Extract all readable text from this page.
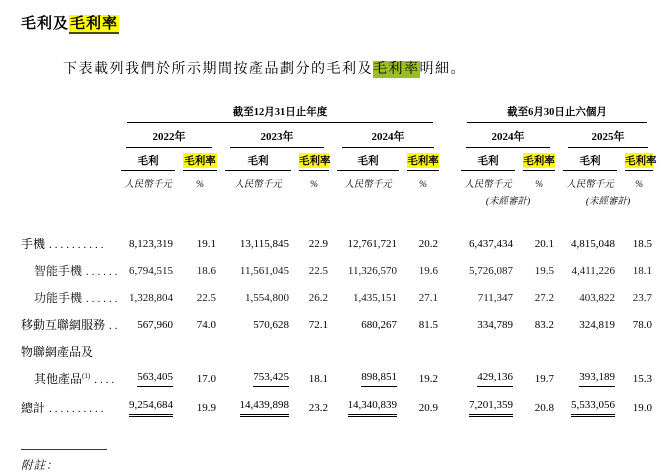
毛利及毛利率

下表載列我們於所示期間按產品劃分的毛利及毛利率明細。

	截至12月31日止年度							截至6月30日止六個月			

	2022年		2023年		2024年			2024年		2025年	

	毛利	毛利率	毛利	毛利率	毛利	毛利率		毛利	毛利率	毛利	毛利率

	人民幣千元	%	人民幣千元	%	人民幣千元	%		人民幣千元	%	人民幣千元	%
								(未經審計)		(未經審計)	

手機 ..........	8,123,319	19.1	13,115,845	22.9	12,761,721	20.2		6,437,434	20.1	4,815,048	18.5
智能手機 ......	6,794,515	18.6	11,561,045	22.5	11,326,570	19.6		5,726,087	19.5	4,411,226	18.1
功能手機 ......	1,328,804	22.5	1,554,800	26.2	1,435,151	27.1		711,347	27.2	403,822	23.7
移動互聯網服務 ..	567,960	74.0	570,628	72.1	680,267	81.5		334,789	83.2	324,819	78.0
物聯網產品及											
其他產品$^{(1)}$ ....	563,405	17.0	753,425	18.1	898,851	19.2		429,136	19.7	393,189	15.3
總計 ..........	9,254,684	19.9	14,439,898	23.2	14,340,839	20.9		7,201,359	20.8	5,533,056	19.0
附註：
